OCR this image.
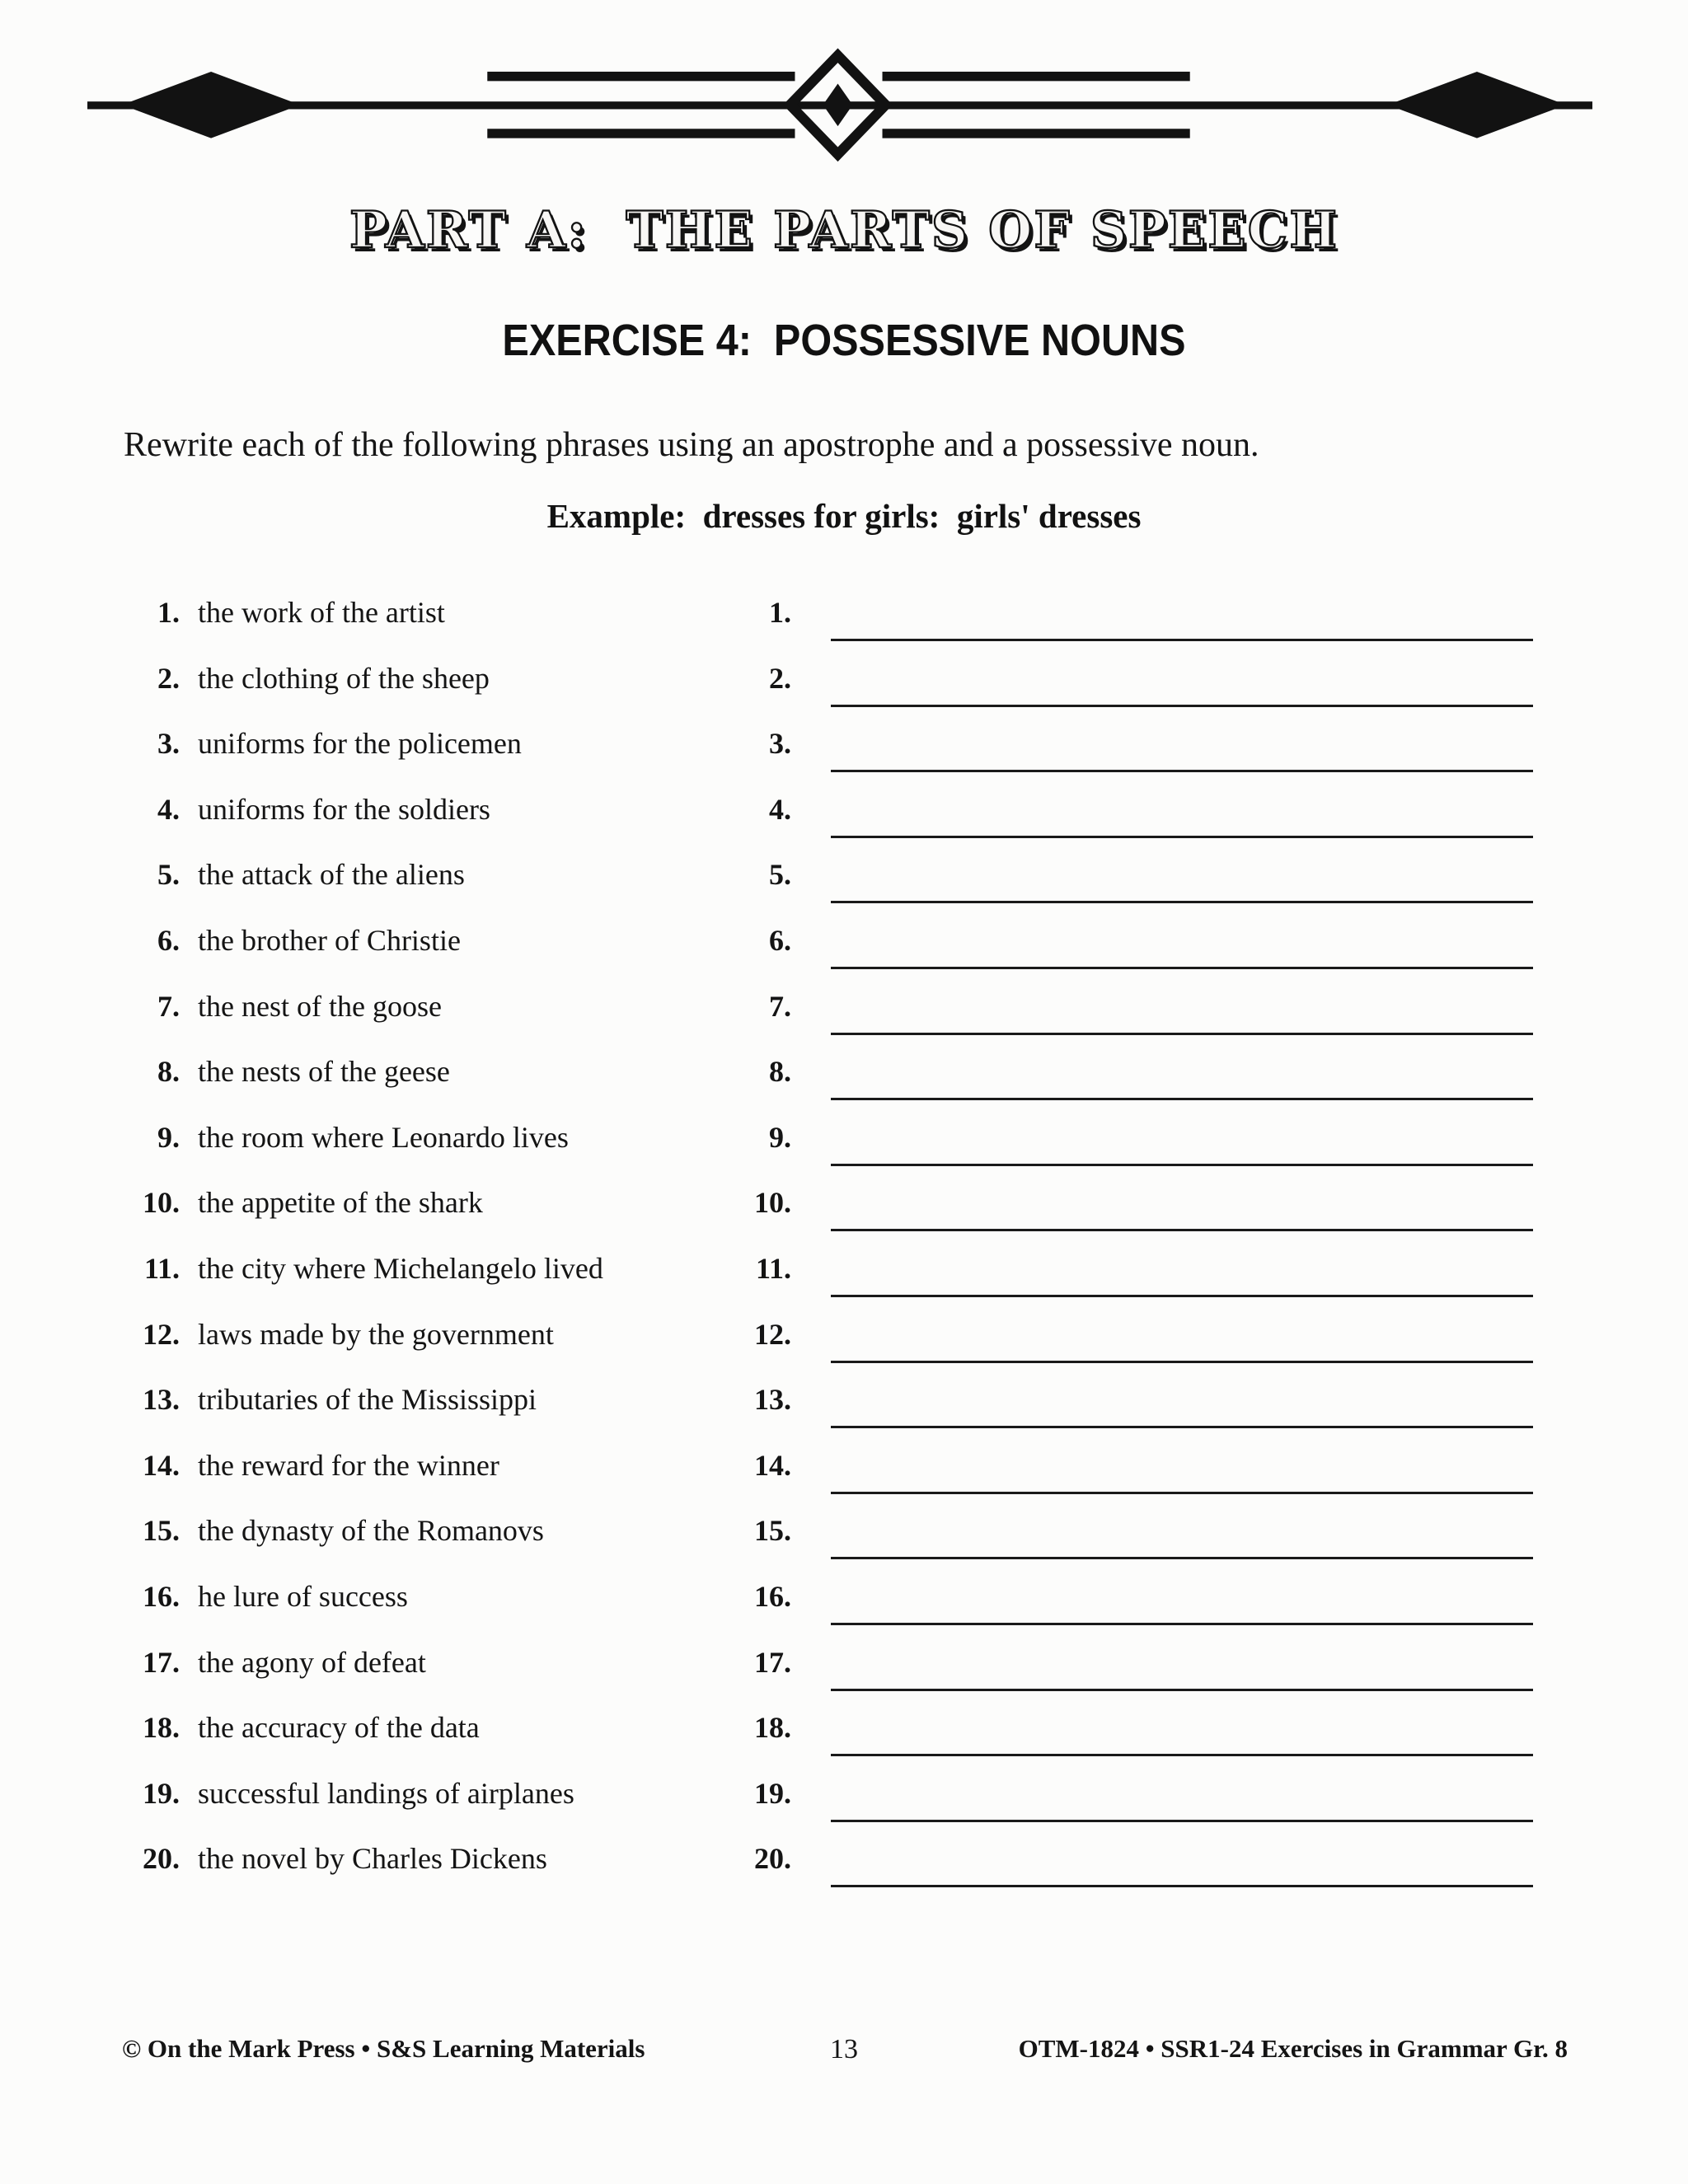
PART A:  THE PARTS OF SPEECH
EXERCISE 4:  POSSESSIVE NOUNS
Rewrite each of the following phrases using an apostrophe and a possessive noun.
Example:  dresses for girls:  girls' dresses
1. the work of the artist	1.
2. the clothing of the sheep	2.
3. uniforms for the policemen	3.
4. uniforms for the soldiers	4.
5. the attack of the aliens	5.
6. the brother of Christie	6.
7. the nest of the goose	7.
8. the nests of the geese	8.
9. the room where Leonardo lives	9.
10. the appetite of the shark	10.
11. the city where Michelangelo lived	11.
12. laws made by the government	12.
13. tributaries of the Mississippi	13.
14. the reward for the winner	14.
15. the dynasty of the Romanovs	15.
16. he lure of success	16.
17. the agony of defeat	17.
18. the accuracy of the data	18.
19. successful landings of airplanes	19.
20. the novel by Charles Dickens	20.
© On the Mark Press • S&S Learning Materials	13	OTM-1824 • SSR1-24 Exercises in Grammar Gr. 8
